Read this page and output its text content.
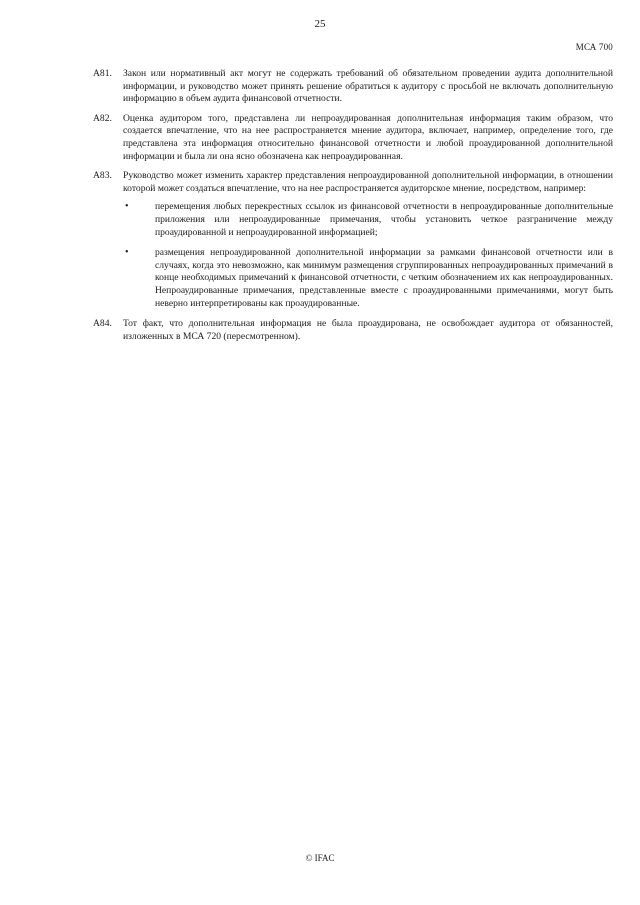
25
МСА 700
A81. Закон или нормативный акт могут не содержать требований об обязательном проведении аудита дополнительной информации, и руководство может принять решение обратиться к аудитору с просьбой не включать дополнительную информацию в объем аудита финансовой отчетности.
A82. Оценка аудитором того, представлена ли непроаудированная дополнительная информация таким образом, что создается впечатление, что на нее распространяется мнение аудитора, включает, например, определение того, где представлена эта информация относительно финансовой отчетности и любой проаудированной дополнительной информации и была ли она ясно обозначена как непроаудированная.
A83. Руководство может изменить характер представления непроаудированной дополнительной информации, в отношении которой может создаться впечатление, что на нее распространяется аудиторское мнение, посредством, например:
•	перемещения любых перекрестных ссылок из финансовой отчетности в непроаудированные дополнительные приложения или непроаудированные примечания, чтобы установить четкое разграничение между проаудированной и непроаудированной информацией;
•	размещения непроаудированной дополнительной информации за рамками финансовой отчетности или в случаях, когда это невозможно, как минимум размещения сгруппированных непроаудированных примечаний в конце необходимых примечаний к финансовой отчетности, с четким обозначением их как непроаудированных. Непроаудированные примечания, представленные вместе с проаудированными примечаниями, могут быть неверно интерпретированы как проаудированные.
A84. Тот факт, что дополнительная информация не была проаудирована, не освобождает аудитора от обязанностей, изложенных в МСА 720 (пересмотренном).
© IFAC
